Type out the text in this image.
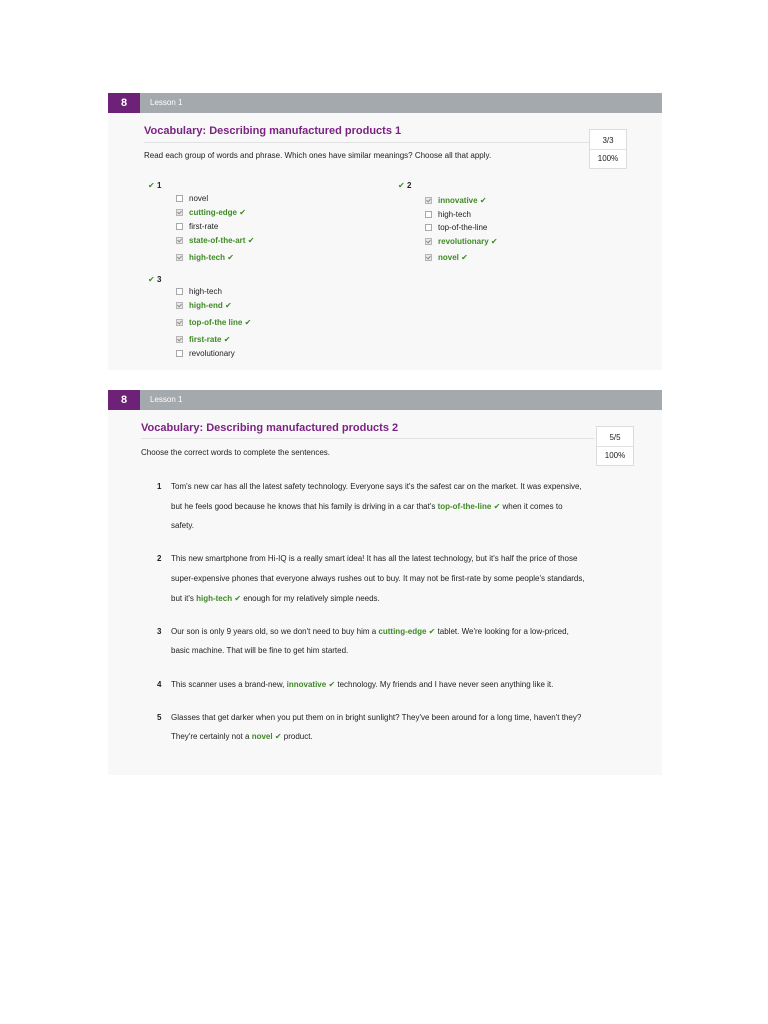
8	Lesson 1
Vocabulary: Describing manufactured products 1
Read each group of words and phrase. Which ones have similar meanings? Choose all that apply.
3/3
100%
✔ 1
novel
cutting-edge ✔
first-rate
state-of-the-art ✔
high-tech ✔
✔ 2
innovative ✔
high-tech
top-of-the-line
revolutionary ✔
novel ✔
✔ 3
high-tech
high-end ✔
top-of-the line ✔
first-rate ✔
revolutionary
8	Lesson 1
Vocabulary: Describing manufactured products 2
Choose the correct words to complete the sentences.
5/5
100%
1 Tom's new car has all the latest safety technology. Everyone says it's the safest car on the market. It was expensive,
but he feels good because he knows that his family is driving in a car that's top-of-the-line ✔ when it comes to
safety.
2 This new smartphone from Hi-IQ is a really smart idea! It has all the latest technology, but it's half the price of those
super-expensive phones that everyone always rushes out to buy. It may not be first-rate by some people's standards,
but it's high-tech ✔ enough for my relatively simple needs.
3 Our son is only 9 years old, so we don't need to buy him a cutting-edge ✔ tablet. We're looking for a low-priced,
basic machine. That will be fine to get him started.
4 This scanner uses a brand-new, innovative ✔ technology. My friends and I have never seen anything like it.
5 Glasses that get darker when you put them on in bright sunlight? They've been around for a long time, haven't they?
They're certainly not a novel ✔ product.
